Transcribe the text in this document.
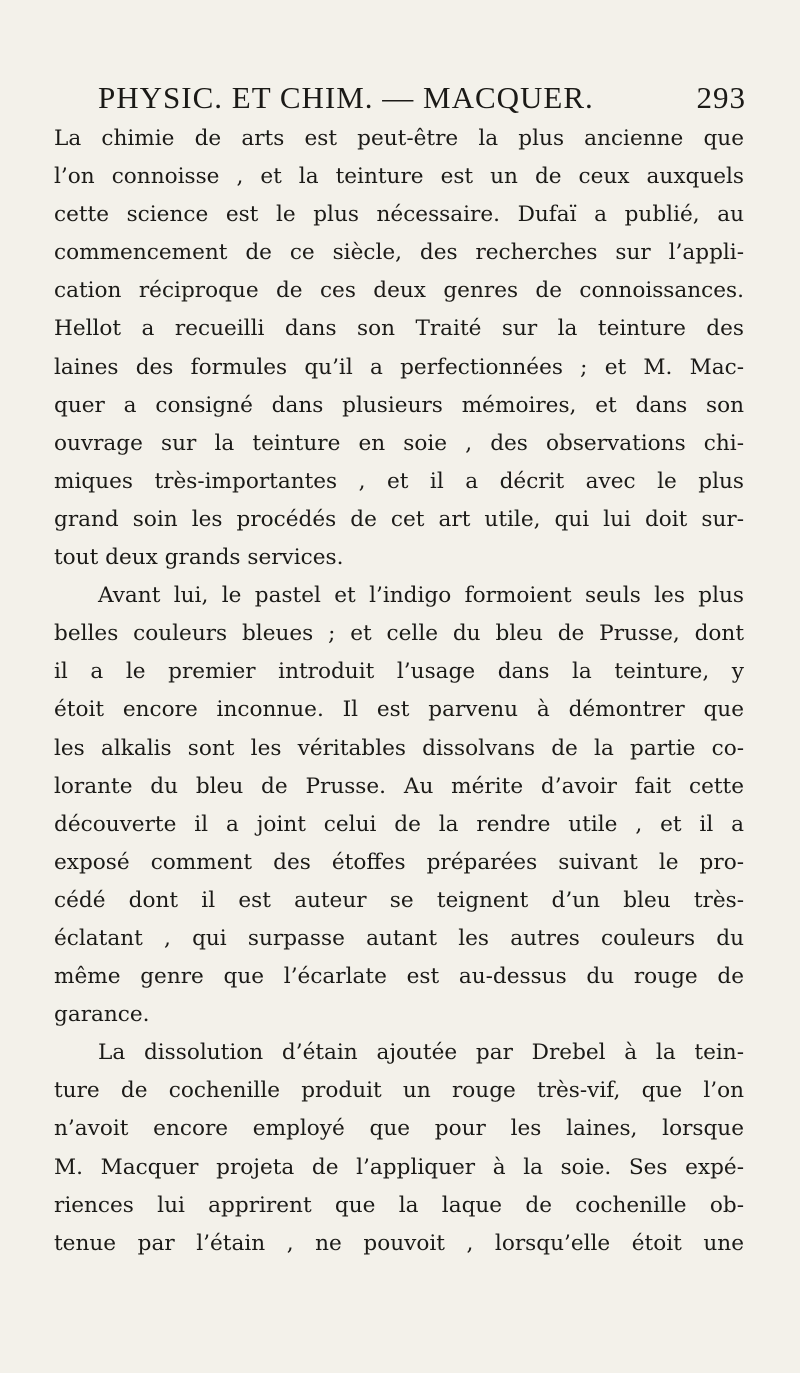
PHYSIC. ET CHIM. — MACQUER.	293
La chimie de arts est peut-être la plus ancienne que
l’on connoisse , et la teinture est un de ceux auxquels
cette science est le plus nécessaire. Dufaï a publié, au
commencement de ce siècle, des recherches sur l’appli-
cation réciproque de ces deux genres de connoissances.
Hellot a recueilli dans son Traité sur la teinture des
laines des formules qu’il a perfectionnées ; et M. Mac-
quer a consigné dans plusieurs mémoires, et dans son
ouvrage sur la teinture en soie , des observations chi-
miques très-importantes , et il a décrit avec le plus
grand soin les procédés de cet art utile, qui lui doit sur-
tout deux grands services.
Avant lui, le pastel et l’indigo formoient seuls les plus
belles couleurs bleues ; et celle du bleu de Prusse, dont
il a le premier introduit l’usage dans la teinture, y
étoit encore inconnue. Il est parvenu à démontrer que
les alkalis sont les véritables dissolvans de la partie co-
lorante du bleu de Prusse. Au mérite d’avoir fait cette
découverte il a joint celui de la rendre utile , et il a
exposé comment des étoffes préparées suivant le pro-
cédé dont il est auteur se teignent d’un bleu très-
éclatant , qui surpasse autant les autres couleurs du
même genre que l’écarlate est au-dessus du rouge de
garance.
La dissolution d’étain ajoutée par Drebel à la tein-
ture de cochenille produit un rouge très-vif, que l’on
n’avoit encore employé que pour les laines, lorsque
M. Macquer projeta de l’appliquer à la soie. Ses expé-
riences lui apprirent que la laque de cochenille ob-
tenue par l’étain , ne pouvoit , lorsqu’elle étoit une
